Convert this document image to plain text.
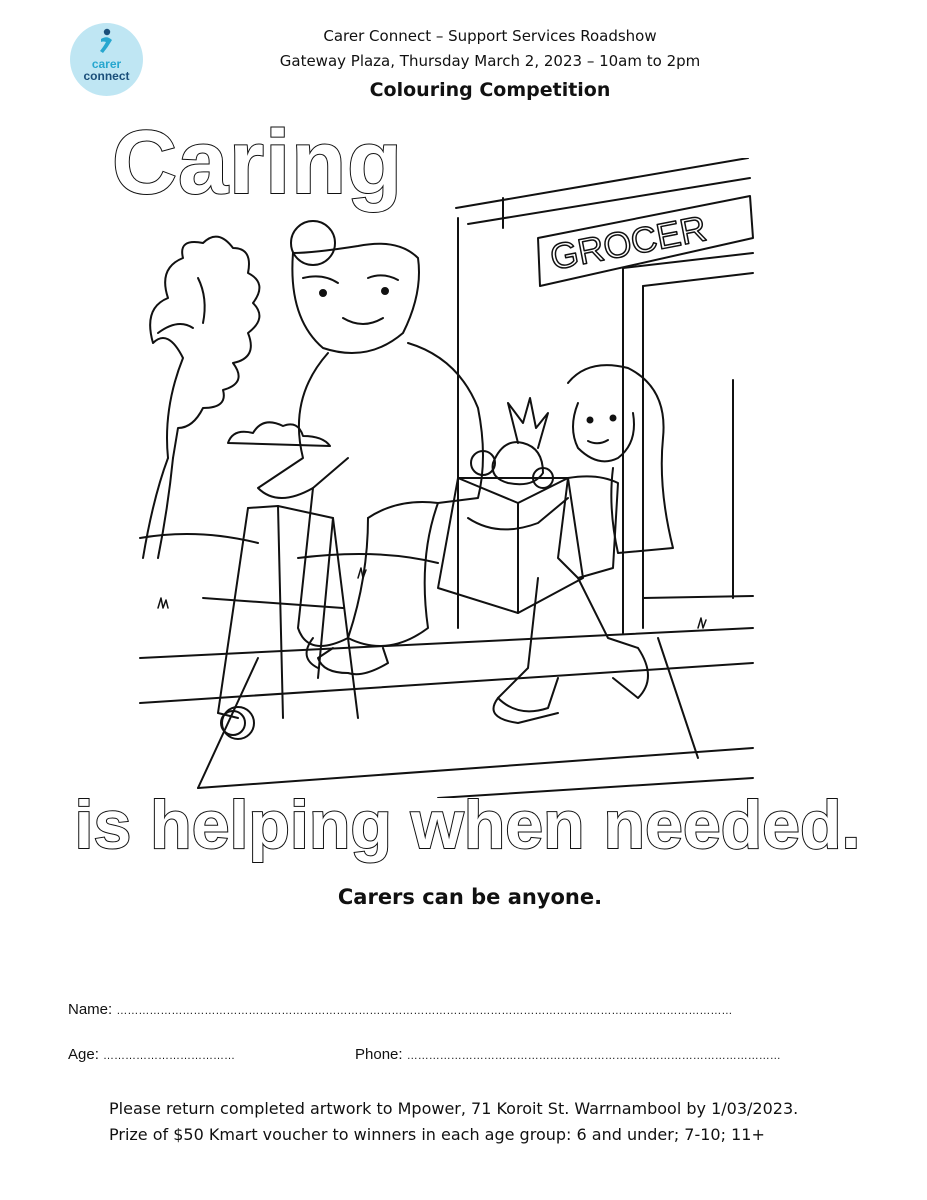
carer
connect
Carer Connect – Support Services Roadshow
Gateway Plaza, Thursday March 2, 2023 – 10am to 2pm
Colouring Competition
Caring
GROCER
is helping when needed.
Carers can be anyone.
Name: ……………………………………………………………………………………………………………………………………………………
Age: ………………………………	Phone: …………………………………………………………………………………………
Please return completed artwork to Mpower, 71 Koroit St. Warrnambool by 1/03/2023.
Prize of $50 Kmart voucher to winners in each age group: 6 and under; 7-10; 11+
